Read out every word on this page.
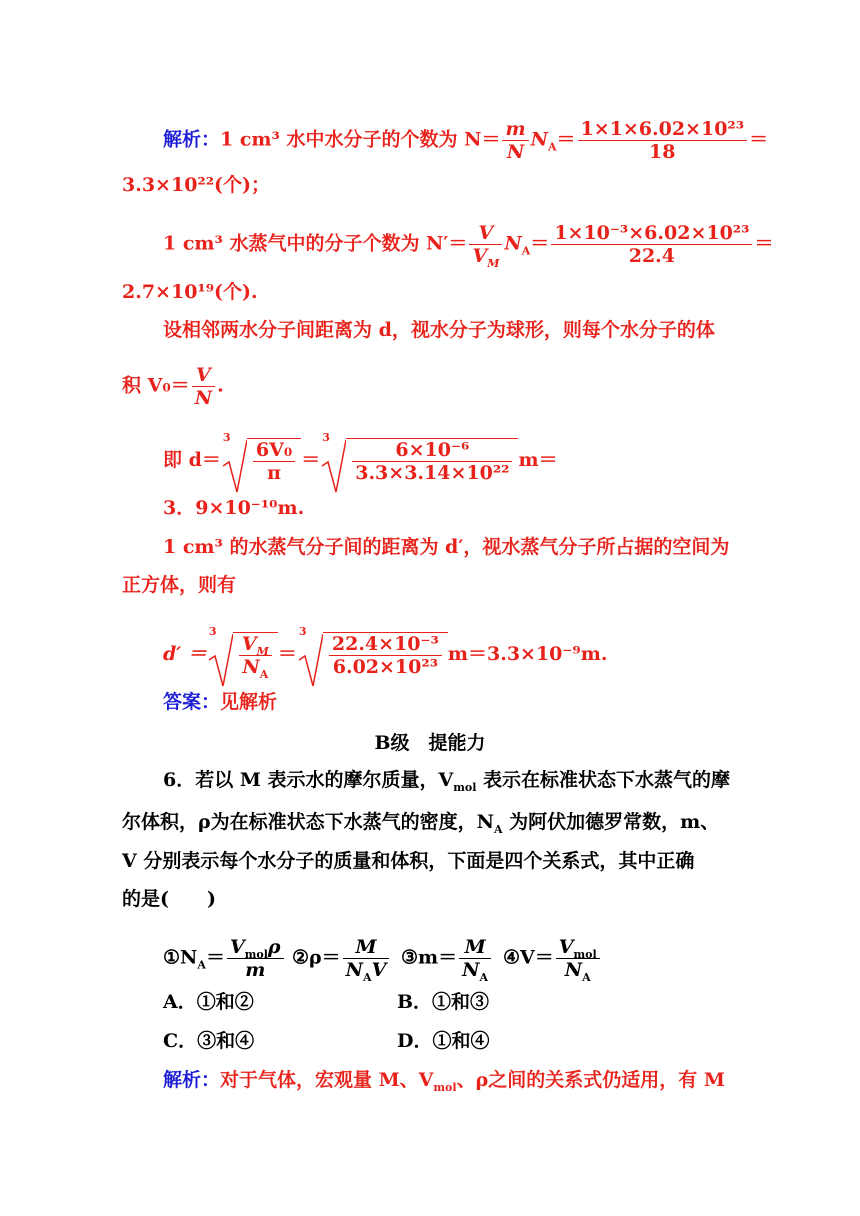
解析：1 cm³ 水中水分子的个数为 $N= \frac{m}{N} N_A= \frac{\text{1×1×6.02×10²³}}{18}$ ＝
3.3×10²²(个)；
1 cm³ 水蒸气中的分子个数为 $N'= \frac{V}{V_M} N_A= \frac{\text{1×10⁻³×6.02×10²³}}{22.4}$ ＝
2.7×10¹⁹(个).
设相邻两水分子间距离为 d，视水分子为球形，则每个水分子的体
积 $V_0= \frac{V}{N}$ .
即 d＝
3
$\frac{\text{6V₀}}{\pi}$ ＝
3
$\frac{\text{6×10⁻⁶}}{\text{3.3×3.14×10²²}} m=$
3．9×10⁻¹⁰m.
1 cm³ 的水蒸气分子间的距离为 d′，视水蒸气分子所占据的空间为
正方体，则有
d′ ＝
3
$\frac{V_M}{N_A}$ ＝
3
$\frac{\text{22.4×10⁻³}}{\text{6.02×10²³}} m=3.3\times 10^{-9}m$.
答案：见解析
B级　提能力
6．若以 M 表示水的摩尔质量，$V_{mol}$ 表示在标准状态下水蒸气的摩
尔体积，ρ为在标准状态下水蒸气的密度，$N_A$ 为阿伏加德罗常数，m、
V 分别表示每个水分子的质量和体积，下面是四个关系式，其中正确
的是(　　)
$①N_A= \frac{V_{mol}\rho}{m}$ ②ρ＝ $\frac{M}{N_AV}$ ③m＝ $\frac{M}{N_A}$ ④V＝ $\frac{V_{mol}}{N_A}$
A．①和②	B．①和③
C．③和④	D．①和④
解析：对于气体，宏观量 M、$V_{mol}$、ρ之间的关系式仍适用，有 M
